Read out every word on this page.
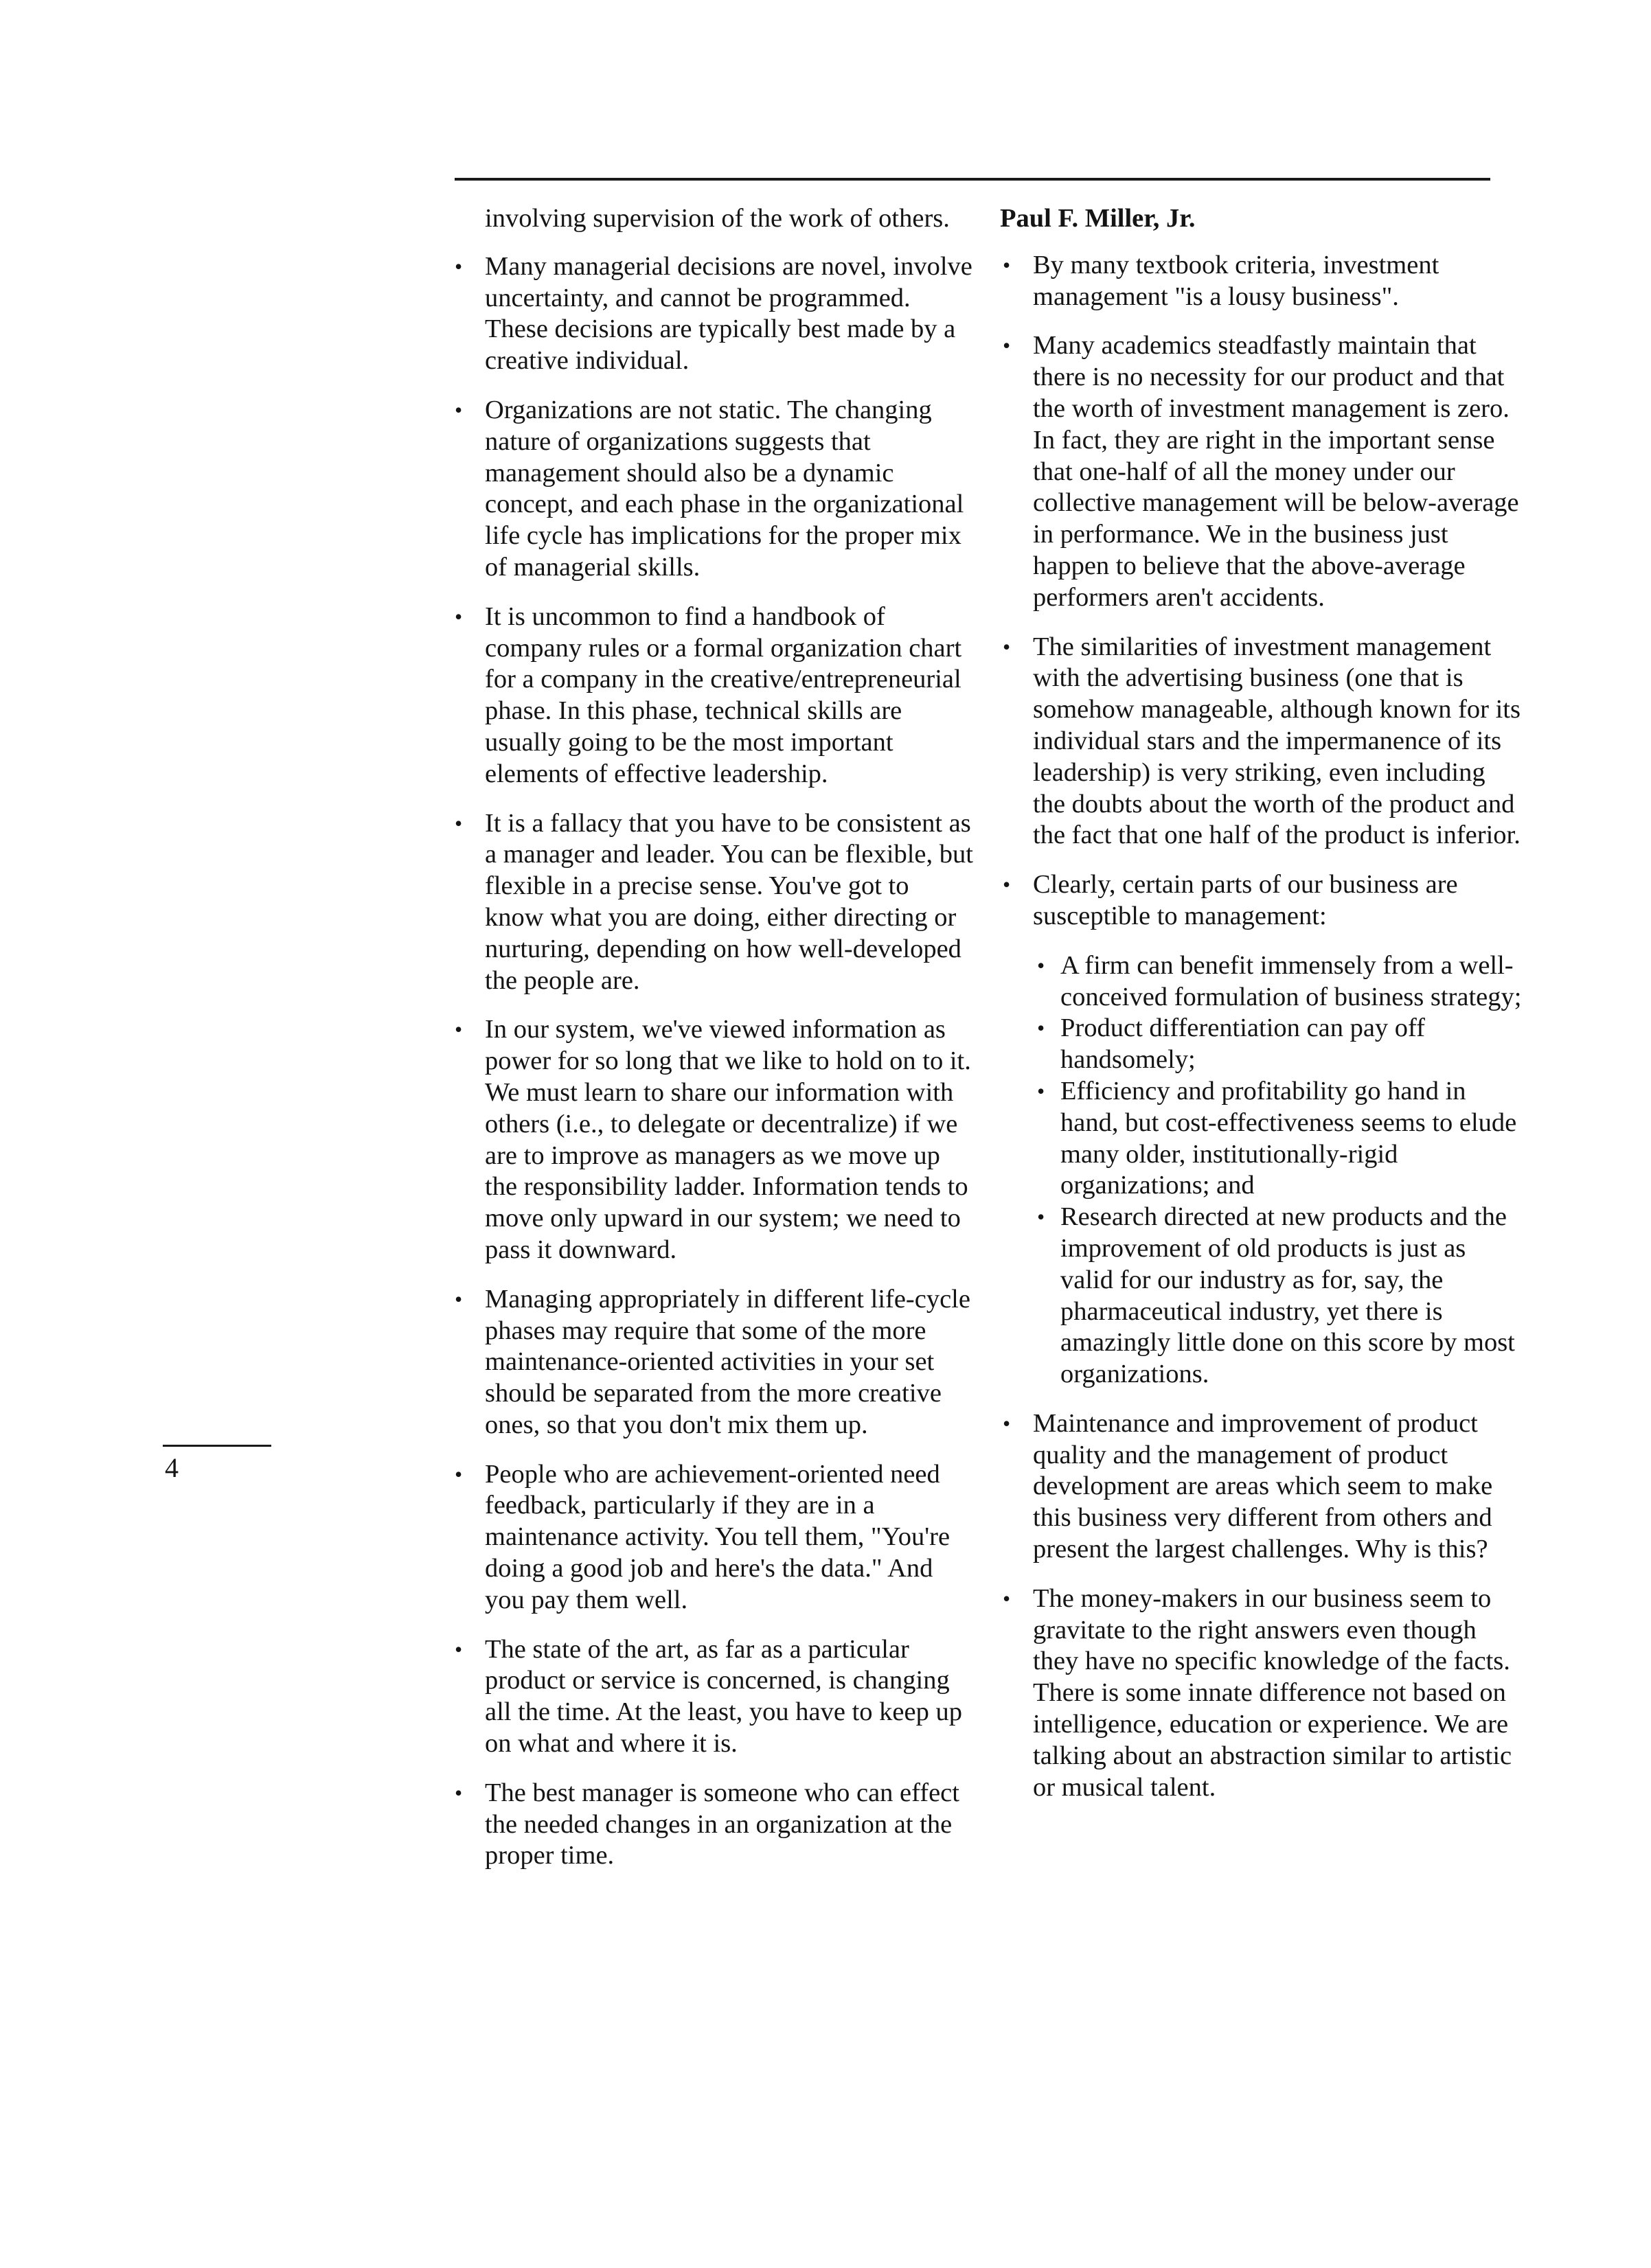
4
involving supervision of the work of others.
• Many managerial decisions are novel, involve uncertainty, and cannot be programmed. These decisions are typically best made by a creative individual.
• Organizations are not static. The changing nature of organizations suggests that management should also be a dynamic concept, and each phase in the organizational life cycle has implications for the proper mix of managerial skills.
• It is uncommon to find a handbook of company rules or a formal organization chart for a company in the creative/entrepreneurial phase. In this phase, technical skills are usually going to be the most important elements of effective leadership.
• It is a fallacy that you have to be consistent as a manager and leader. You can be flexible, but flexible in a precise sense. You've got to know what you are doing, either directing or nurturing, depending on how well-developed the people are.
• In our system, we've viewed information as power for so long that we like to hold on to it. We must learn to share our information with others (i.e., to delegate or decentralize) if we are to improve as managers as we move up the responsibility ladder. Information tends to move only upward in our system; we need to pass it downward.
• Managing appropriately in different life-cycle phases may require that some of the more maintenance-oriented activities in your set should be separated from the more creative ones, so that you don't mix them up.
• People who are achievement-oriented need feedback, particularly if they are in a maintenance activity. You tell them, "You're doing a good job and here's the data." And you pay them well.
• The state of the art, as far as a particular product or service is concerned, is changing all the time. At the least, you have to keep up on what and where it is.
• The best manager is someone who can effect the needed changes in an organization at the proper time.
Paul F. Miller, Jr.
• By many textbook criteria, investment management "is a lousy business".
• Many academics steadfastly maintain that there is no necessity for our product and that the worth of investment management is zero. In fact, they are right in the important sense that one-half of all the money under our collective management will be below-average in performance. We in the business just happen to believe that the above-average performers aren't accidents.
• The similarities of investment management with the advertising business (one that is somehow manageable, although known for its individual stars and the impermanence of its leadership) is very striking, even including the doubts about the worth of the product and the fact that one half of the product is inferior.
• Clearly, certain parts of our business are susceptible to management:
• A firm can benefit immensely from a well-conceived formulation of business strategy;
• Product differentiation can pay off handsomely;
• Efficiency and profitability go hand in hand, but cost-effectiveness seems to elude many older, institutionally-rigid organizations; and
• Research directed at new products and the improvement of old products is just as valid for our industry as for, say, the pharmaceutical industry, yet there is amazingly little done on this score by most organizations.
• Maintenance and improvement of product quality and the management of product development are areas which seem to make this business very different from others and present the largest challenges. Why is this?
• The money-makers in our business seem to gravitate to the right answers even though they have no specific knowledge of the facts. There is some innate difference not based on intelligence, education or experience. We are talking about an abstraction similar to artistic or musical talent.
